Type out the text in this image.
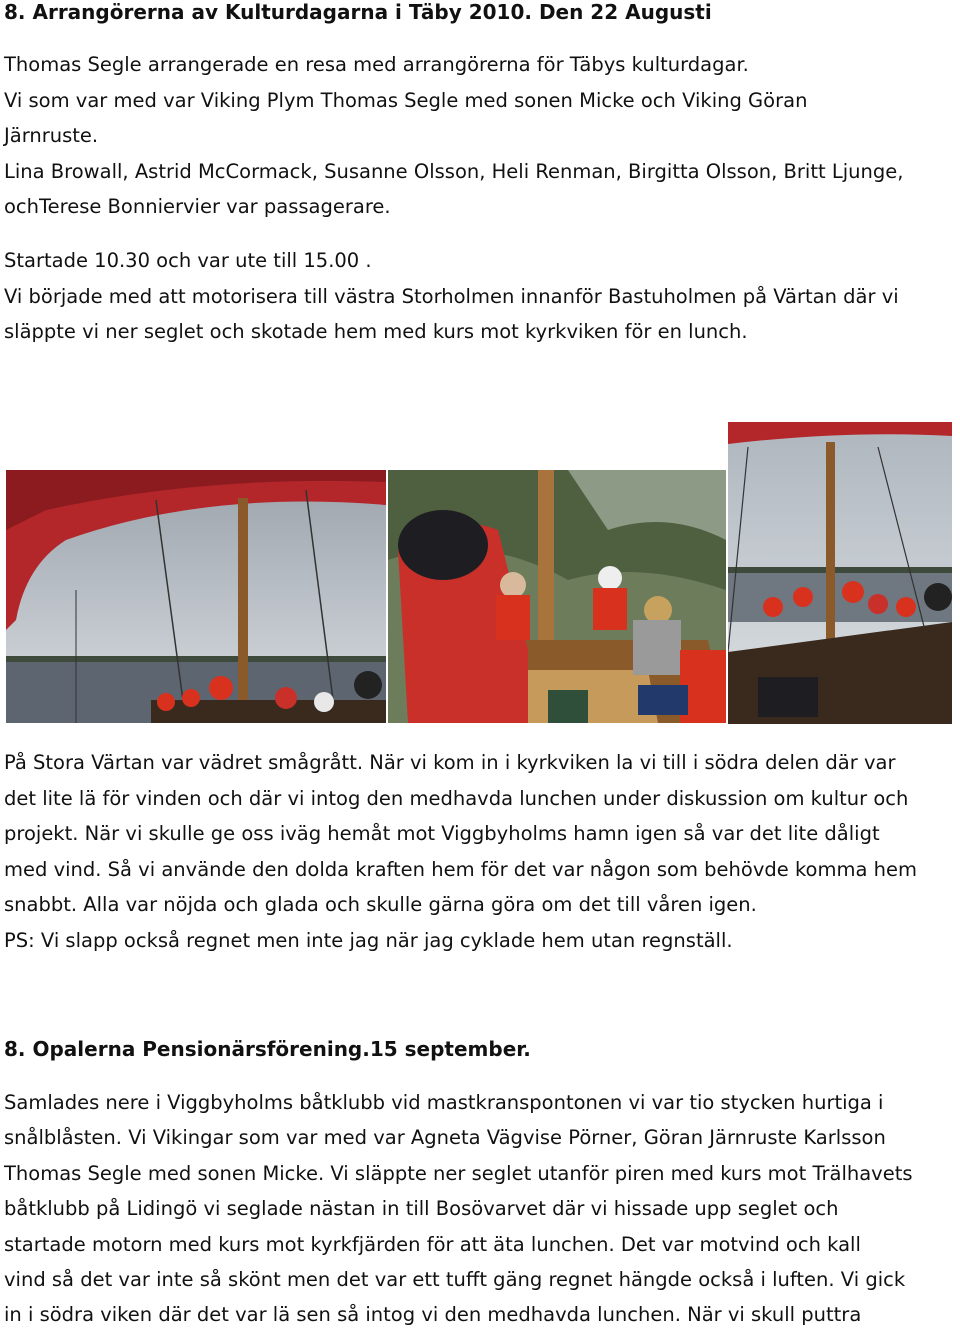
8. Arrangörerna av Kulturdagarna i Täby 2010. Den 22 Augusti
Thomas Segle arrangerade en resa med arrangörerna för Täbys kulturdagar.
Vi som var med var Viking Plym Thomas Segle med sonen Micke och Viking Göran
Järnruste.
Lina Browall, Astrid McCormack, Susanne Olsson, Heli Renman, Birgitta Olsson, Britt Ljunge,
ochTerese Bonniervier var passagerare.
Startade 10.30 och var ute till 15.00 .
Vi började med att motorisera till västra Storholmen innanför Bastuholmen på Värtan där vi
släppte vi ner seglet och skotade hem med kurs mot kyrkviken för en lunch.
På Stora Värtan var vädret smågrått. När vi kom in i kyrkviken la vi till i södra delen där var
det lite lä för vinden och där vi intog den medhavda lunchen under diskussion om kultur och
projekt. När vi skulle ge oss iväg hemåt mot Viggbyholms hamn igen så var det lite dåligt
med vind. Så vi använde den dolda kraften hem för det var någon som behövde komma hem
snabbt. Alla var nöjda och glada och skulle gärna göra om det till våren igen.
PS: Vi slapp också regnet men inte jag när jag cyklade hem utan regnställ.
8. Opalerna Pensionärsförening.15 september.
Samlades nere i Viggbyholms båtklubb vid mastkranspontonen vi var tio stycken hurtiga i
snålblåsten. Vi Vikingar som var med var Agneta Vägvise Pörner, Göran Järnruste Karlsson
Thomas Segle med sonen Micke. Vi släppte ner seglet utanför piren med kurs mot Trälhavets
båtklubb på Lidingö vi seglade nästan in till Bosövarvet där vi hissade upp seglet och
startade motorn med kurs mot kyrkfjärden för att äta lunchen. Det var motvind och kall
vind så det var inte så skönt men det var ett tufft gäng regnet hängde också i luften. Vi gick
in i södra viken där det var lä sen så intog vi den medhavda lunchen. När vi skull puttra
